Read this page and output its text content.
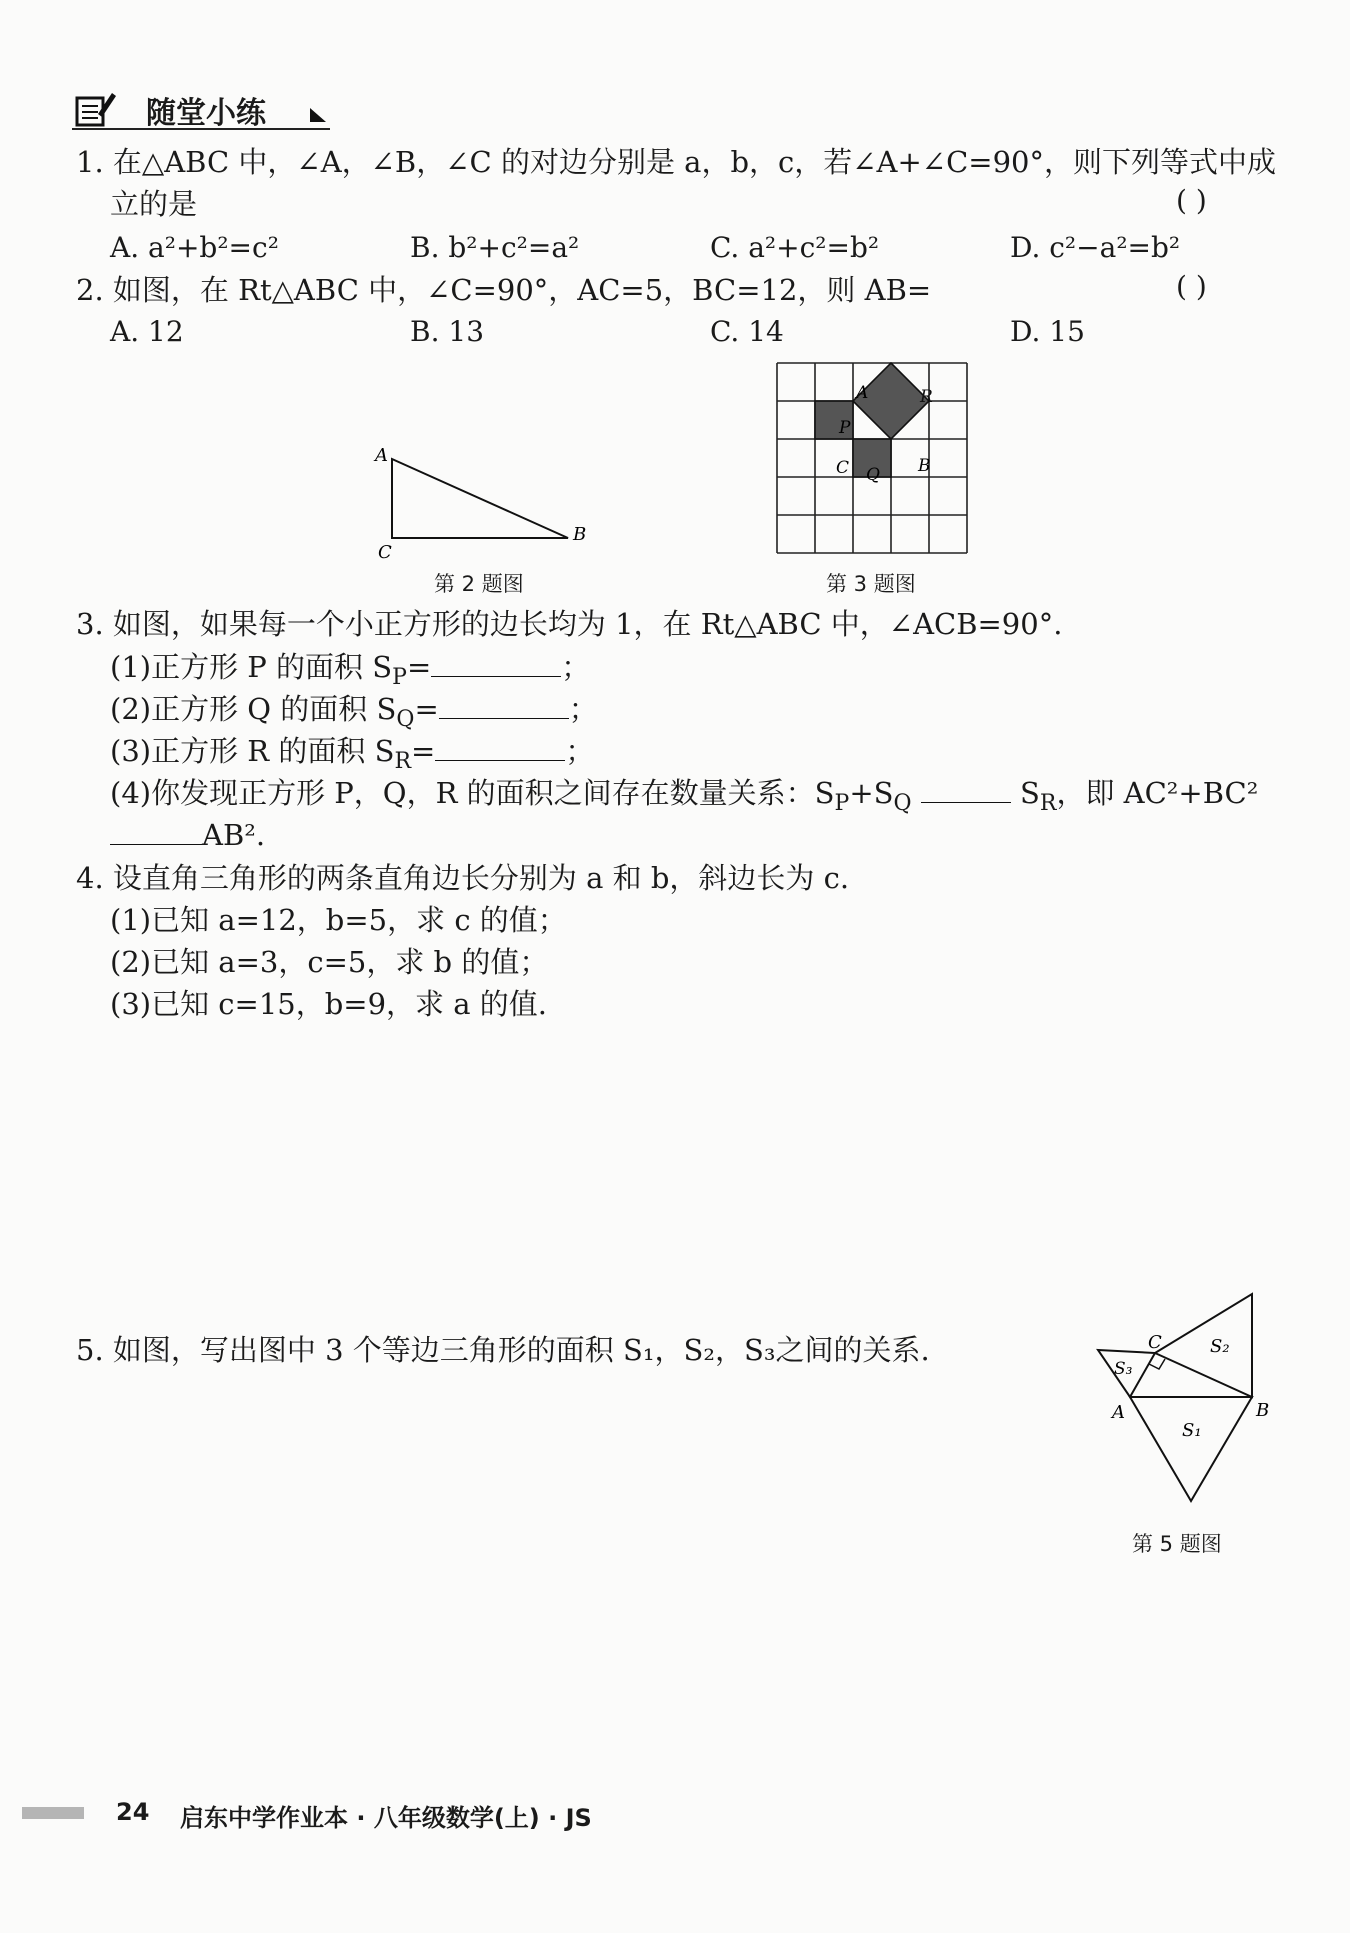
随堂小练
1. 在△ABC 中，∠A，∠B，∠C 的对边分别是 a，b，c，若∠A+∠C=90°，则下列等式中成
立的是	( )
A. a²+b²=c²	B. b²+c²=a²	C. a²+c²=b²	D. c²−a²=b²
2. 如图，在 Rt△ABC 中，∠C=90°，AC=5，BC=12，则 AB=	( )
A. 12	B. 13	C. 14	D. 15
A
C
B
第 2 题图
A	R
P
C Q B
第 3 题图
3. 如图，如果每一个小正方形的边长均为 1，在 Rt△ABC 中，∠ACB=90°.
(1)正方形 P 的面积 $S_P=$	；
(2)正方形 Q 的面积 $S_Q=$	；
(3)正方形 R 的面积 $S_R=$	；
(4)你发现正方形 P，Q，R 的面积之间存在数量关系：$S_P+S_Q$	$S_R$，即 AC²+BC²
AB².
4. 设直角三角形的两条直角边长分别为 a 和 b，斜边长为 c.
(1)已知 a=12，b=5，求 c 的值；
(2)已知 a=3，c=5，求 b 的值；
(3)已知 c=15，b=9，求 a 的值.
5. 如图，写出图中 3 个等边三角形的面积 S₁，S₂，S₃之间的关系.	C
A	B
S₁
S₂
S₃
第 5 题图
24 启东中学作业本 · 八年级数学(上) · JS
